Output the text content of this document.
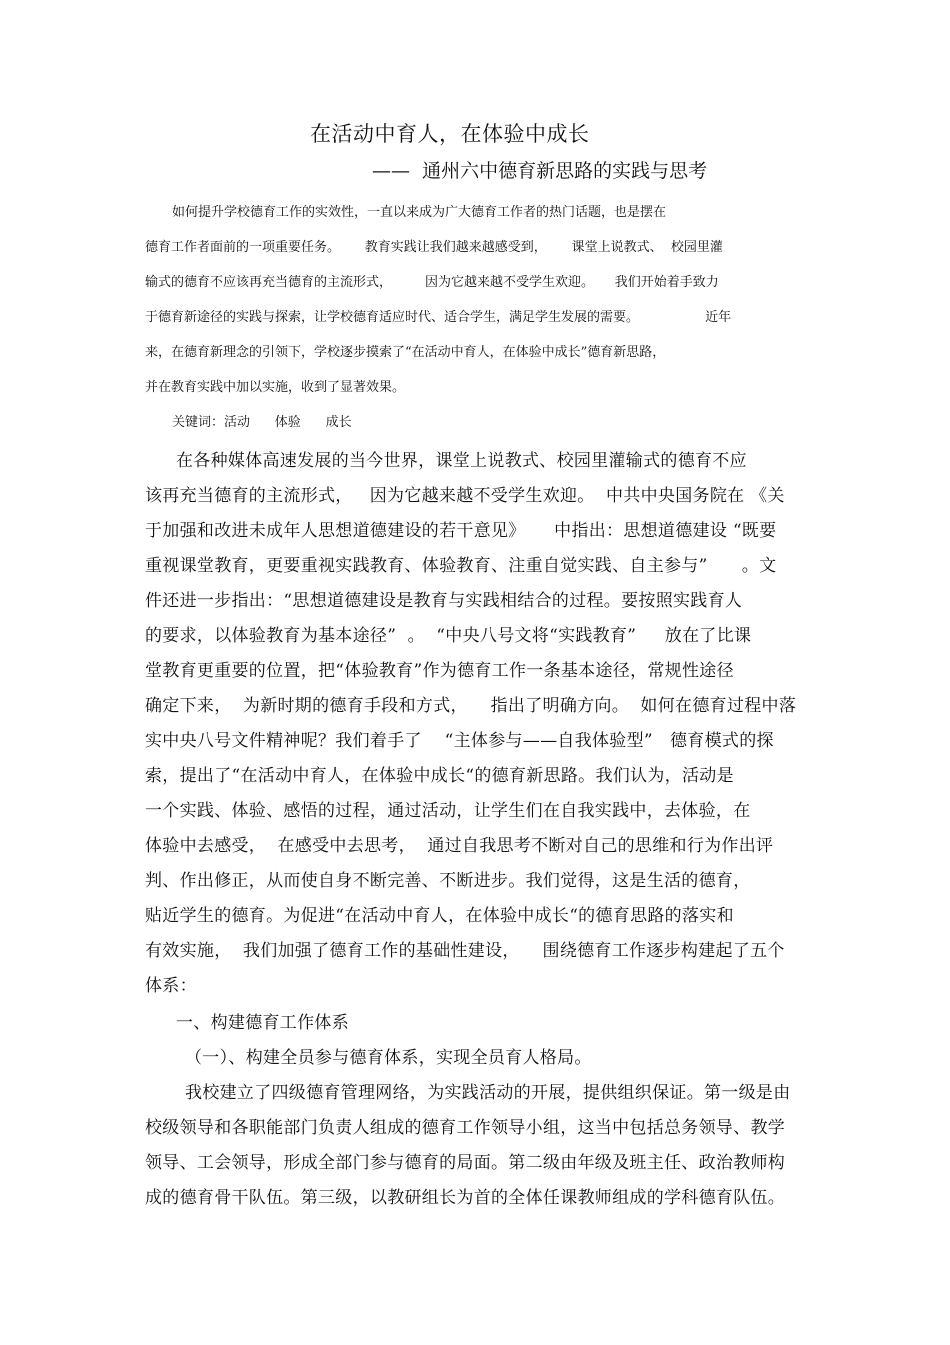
在活动中育人，在体验中成长

——  通州六中德育新思路的实践与思考

如何提升学校德育工作的实效性，一直以来成为广大德育工作者的热门话题，也是摆在

德育工作者面前的一项重要任务。      教育实践让我们越来越感受到，      课堂上说教式、  校园里灌

输式的德育不应该再充当德育的主流形式，        因为它越来越不受学生欢迎。     我们开始着手致力

于德育新途径的实践与探索，让学校德育适应时代、适合学生，满足学生发展的需要。                近年

来，在德育新理念的引领下，学校逐步摸索了“在活动中育人，在体验中成长”德育新思路，

并在教育实践中加以实施，收到了显著效果。

关键词：活动      体验      成长

在各种媒体高速发展的当今世界，课堂上说教式、校园里灌输式的德育不应

该再充当德育的主流形式，   因为它越来越不受学生欢迎。  中共中央国务院在 《关

于加强和改进未成年人思想道德建设的若干意见》     中指出：思想道德建设 “既要

重视课堂教育，更要重视实践教育、体验教育、注重自觉实践、自主参与”      。文

件还进一步指出：“思想道德建设是教育与实践相结合的过程。要按照实践育人

的要求，以体验教育为基本途径”  。  “中央八号文将“实践教育”     放在了比课

堂教育更重要的位置，把“体验教育”作为德育工作一条基本途径，常规性途径

确定下来，  为新时期的德育手段和方式，    指出了明确方向。  如何在德育过程中落

实中央八号文件精神呢？我们着手了    “主体参与——自我体验型”   德育模式的探

索，提出了“在活动中育人，在体验中成长“的德育新思路。我们认为，活动是

一个实践、体验、感悟的过程，通过活动，让学生们在自我实践中，去体验，在

体验中去感受，  在感受中去思考，  通过自我思考不断对自己的思维和行为作出评

判、作出修正，从而使自身不断完善、不断进步。我们觉得，这是生活的德育，

贴近学生的德育。为促进“在活动中育人，在体验中成长“的德育思路的落实和

有效实施，  我们加强了德育工作的基础性建设，    围绕德育工作逐步构建起了五个

体系：

一、构建德育工作体系

（一）、构建全员参与德育体系，实现全员育人格局。

我校建立了四级德育管理网络，为实践活动的开展，提供组织保证。第一级是由

校级领导和各职能部门负责人组成的德育工作领导小组，这当中包括总务领导、教学

领导、工会领导，形成全部门参与德育的局面。第二级由年级及班主任、政治教师构

成的德育骨干队伍。第三级，以教研组长为首的全体任课教师组成的学科德育队伍。
